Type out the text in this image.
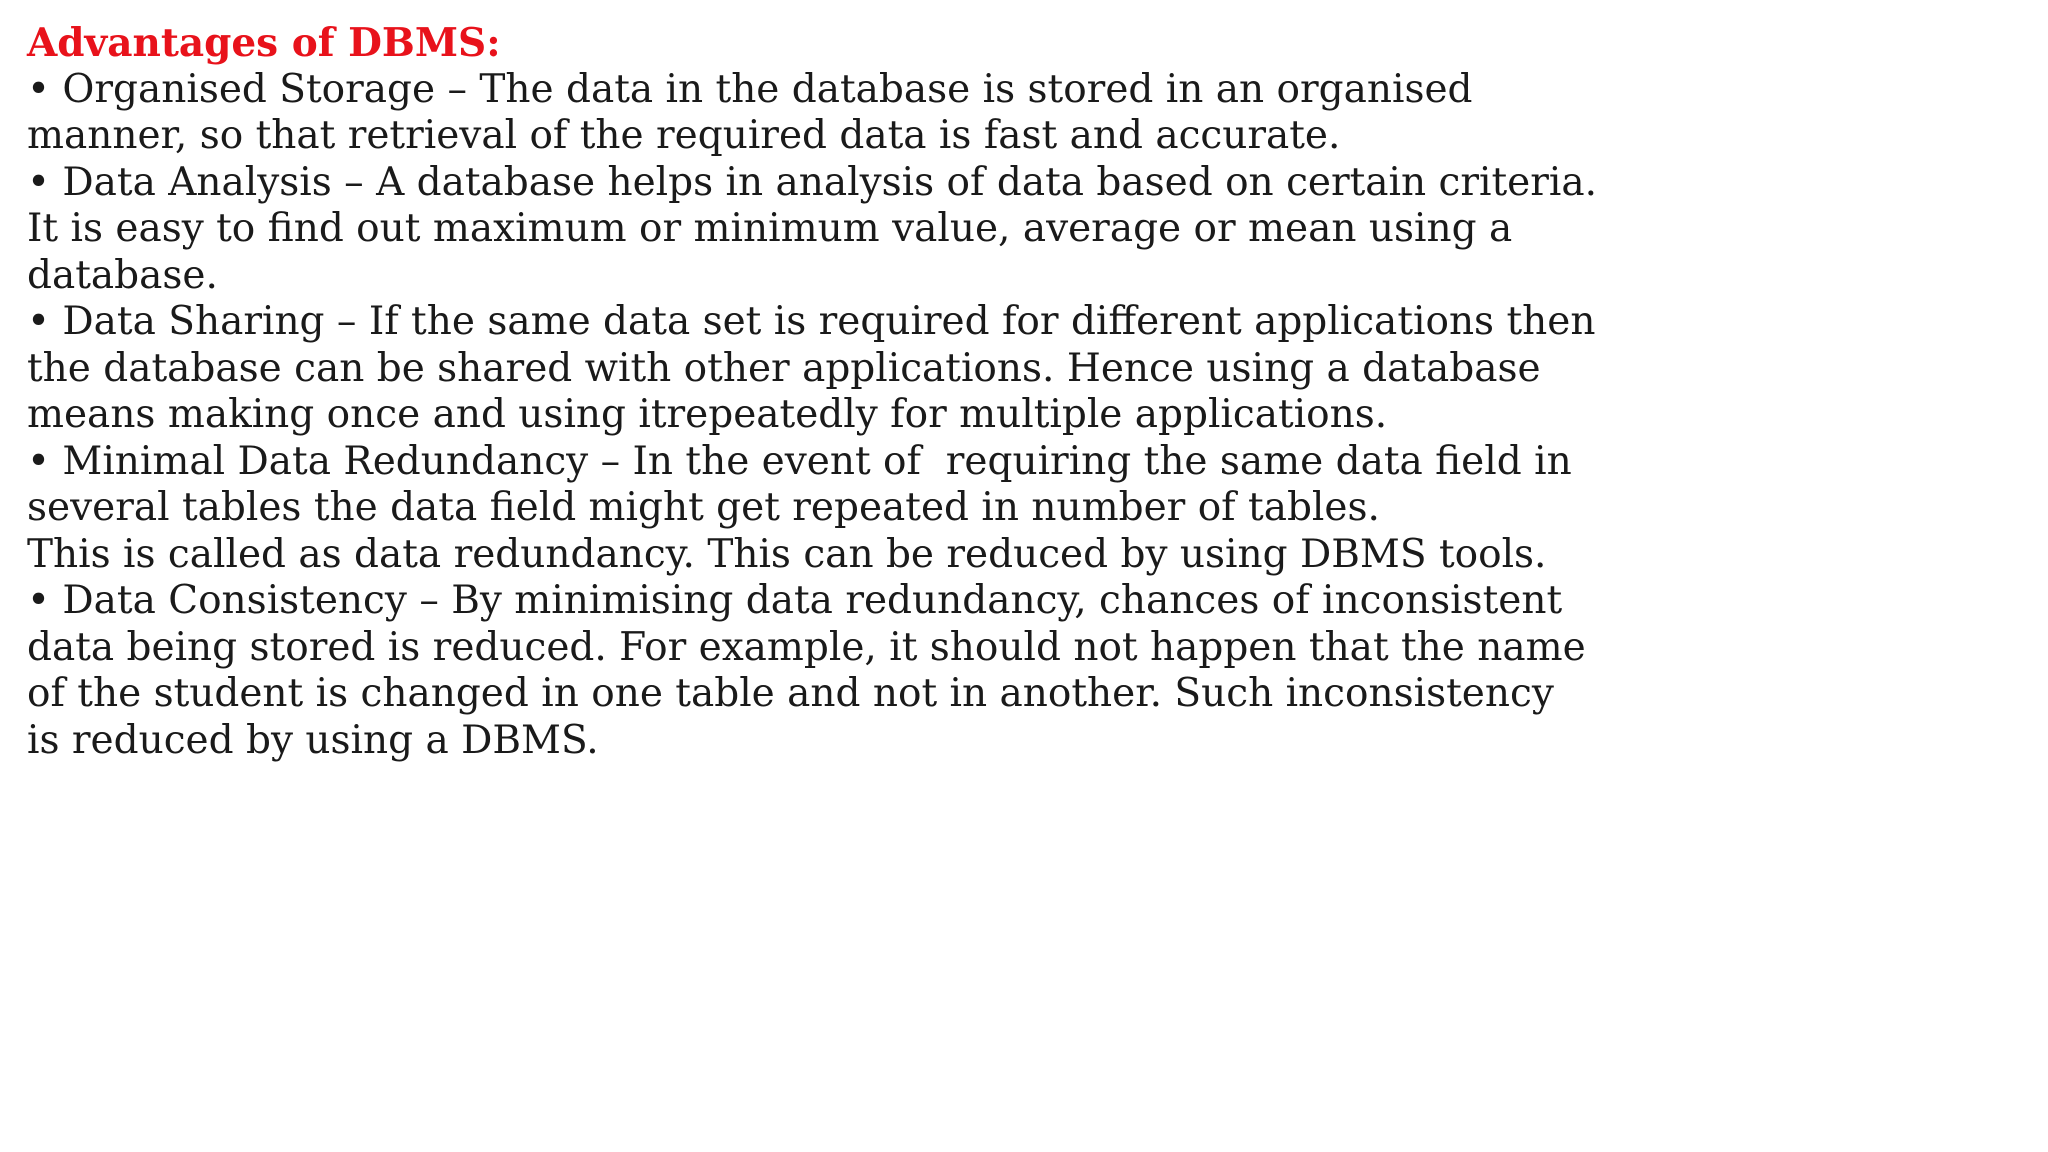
Advantages of DBMS:

• Organised Storage – The data in the database is stored in an organised

manner, so that retrieval of the required data is fast and accurate.

• Data Analysis – A database helps in analysis of data based on certain criteria.

It is easy to find out maximum or minimum value, average or mean using a

database.

• Data Sharing – If the same data set is required for different applications then

the database can be shared with other applications. Hence using a database

means making once and using itrepeatedly for multiple applications.

• Minimal Data Redundancy – In the event of  requiring the same data field in

several tables the data field might get repeated in number of tables.

This is called as data redundancy. This can be reduced by using DBMS tools.

• Data Consistency – By minimising data redundancy, chances of inconsistent

data being stored is reduced. For example, it should not happen that the name

of the student is changed in one table and not in another. Such inconsistency

is reduced by using a DBMS.
